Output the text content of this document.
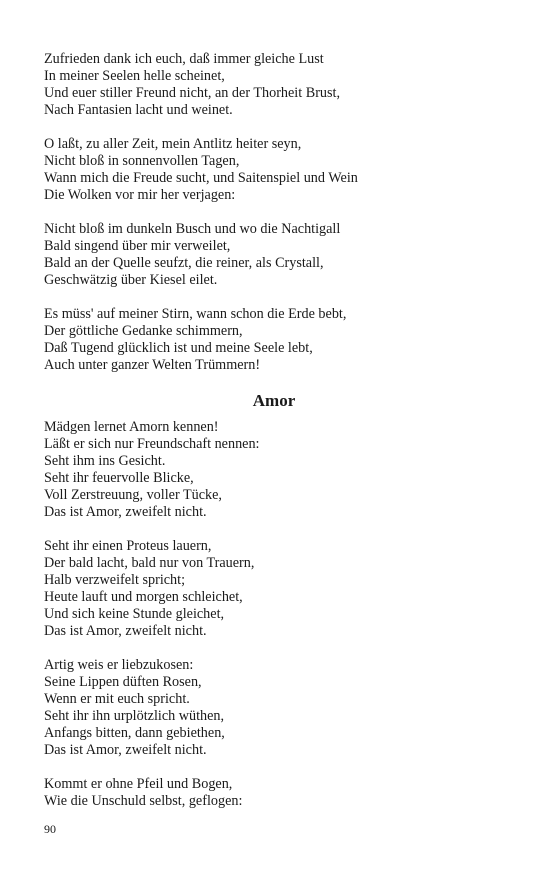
Zufrieden dank ich euch, daß immer gleiche Lust
In meiner Seelen helle scheinet,
Und euer stiller Freund nicht, an der Thorheit Brust,
Nach Fantasien lacht und weinet.
O laßt, zu aller Zeit, mein Antlitz heiter seyn,
Nicht bloß in sonnenvollen Tagen,
Wann mich die Freude sucht, und Saitenspiel und Wein
Die Wolken vor mir her verjagen:
Nicht bloß im dunkeln Busch und wo die Nachtigall
Bald singend über mir verweilet,
Bald an der Quelle seufzt, die reiner, als Crystall,
Geschwätzig über Kiesel eilet.
Es müss' auf meiner Stirn, wann schon die Erde bebt,
Der göttliche Gedanke schimmern,
Daß Tugend glücklich ist und meine Seele lebt,
Auch unter ganzer Welten Trümmern!
Amor
Mädgen lernet Amorn kennen!
Läßt er sich nur Freundschaft nennen:
Seht ihm ins Gesicht.
Seht ihr feuervolle Blicke,
Voll Zerstreuung, voller Tücke,
Das ist Amor, zweifelt nicht.
Seht ihr einen Proteus lauern,
Der bald lacht, bald nur von Trauern,
Halb verzweifelt spricht;
Heute lauft und morgen schleichet,
Und sich keine Stunde gleichet,
Das ist Amor, zweifelt nicht.
Artig weis er liebzukosen:
Seine Lippen düften Rosen,
Wenn er mit euch spricht.
Seht ihr ihn urplötzlich wüthen,
Anfangs bitten, dann gebiethen,
Das ist Amor, zweifelt nicht.
Kommt er ohne Pfeil und Bogen,
Wie die Unschuld selbst, geflogen:
90
